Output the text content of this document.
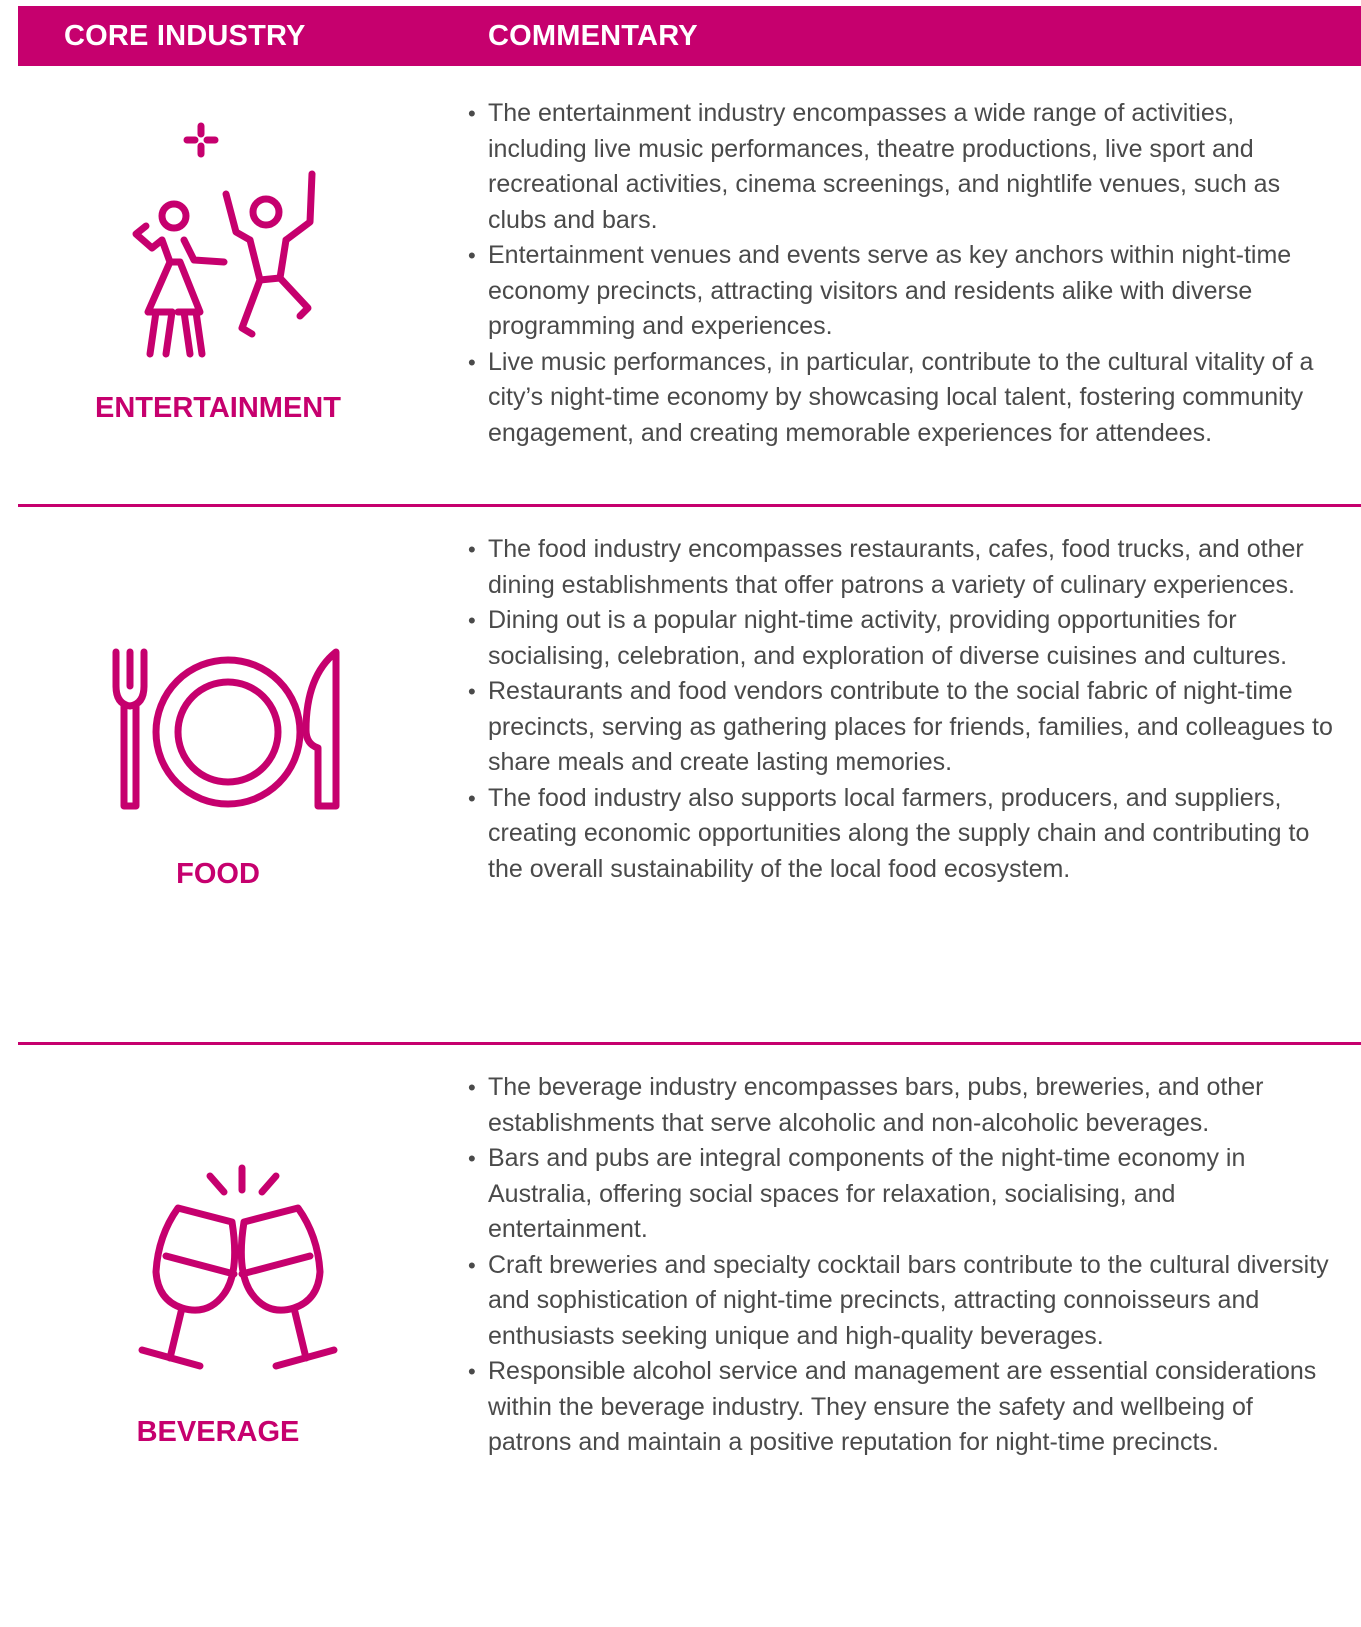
CORE INDUSTRY	COMMENTARY
ENTERTAINMENT
• The entertainment industry encompasses a wide range of activities, including live music performances, theatre productions, live sport and recreational activities, cinema screenings, and nightlife venues, such as clubs and bars.
• Entertainment venues and events serve as key anchors within night-time economy precincts, attracting visitors and residents alike with diverse programming and experiences.
• Live music performances, in particular, contribute to the cultural vitality of a city’s night-time economy by showcasing local talent, fostering community engagement, and creating memorable experiences for attendees.
FOOD
• The food industry encompasses restaurants, cafes, food trucks, and other dining establishments that offer patrons a variety of culinary experiences.
• Dining out is a popular night-time activity, providing opportunities for socialising, celebration, and exploration of diverse cuisines and cultures.
• Restaurants and food vendors contribute to the social fabric of night-time precincts, serving as gathering places for friends, families, and colleagues to share meals and create lasting memories.
• The food industry also supports local farmers, producers, and suppliers, creating economic opportunities along the supply chain and contributing to the overall sustainability of the local food ecosystem.
BEVERAGE
• The beverage industry encompasses bars, pubs, breweries, and other establishments that serve alcoholic and non-alcoholic beverages.
• Bars and pubs are integral components of the night-time economy in Australia, offering social spaces for relaxation, socialising, and entertainment.
• Craft breweries and specialty cocktail bars contribute to the cultural diversity and sophistication of night-time precincts, attracting connoisseurs and enthusiasts seeking unique and high-quality beverages.
• Responsible alcohol service and management are essential considerations within the beverage industry. They ensure the safety and wellbeing of patrons and maintain a positive reputation for night-time precincts.
